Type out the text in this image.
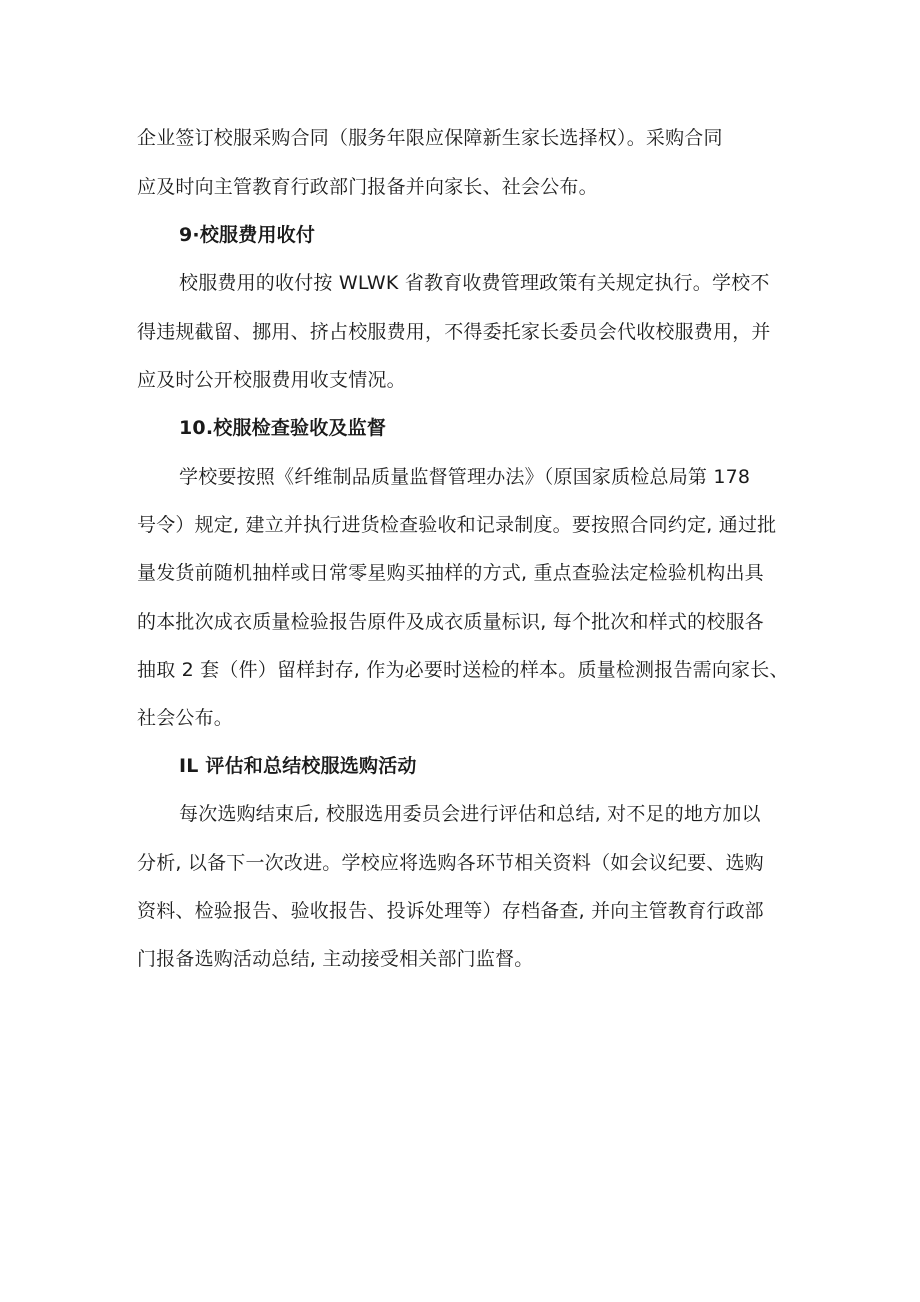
企业签订校服采购合同（服务年限应保障新生家长选择权）。采购合同

应及时向主管教育行政部门报备并向家长、社会公布。

9·校服费用收付

校服费用的收付按 WLWK 省教育收费管理政策有关规定执行。学校不

得违规截留、挪用、挤占校服费用，不得委托家长委员会代收校服费用，并

应及时公开校服费用收支情况。

10.校服检查验收及监督

学校要按照《纤维制品质量监督管理办法》（原国家质检总局第 178

号令）规定, 建立并执行进货检查验收和记录制度。要按照合同约定, 通过批

量发货前随机抽样或日常零星购买抽样的方式, 重点查验法定检验机构出具

的本批次成衣质量检验报告原件及成衣质量标识, 每个批次和样式的校服各

抽取 2 套（件）留样封存, 作为必要时送检的样本。质量检测报告需向家长、

社会公布。

IL 评估和总结校服选购活动

每次选购结束后, 校服选用委员会进行评估和总结, 对不足的地方加以

分析, 以备下一次改进。学校应将选购各环节相关资料（如会议纪要、选购

资料、检验报告、验收报告、投诉处理等）存档备查, 并向主管教育行政部

门报备选购活动总结, 主动接受相关部门监督。
